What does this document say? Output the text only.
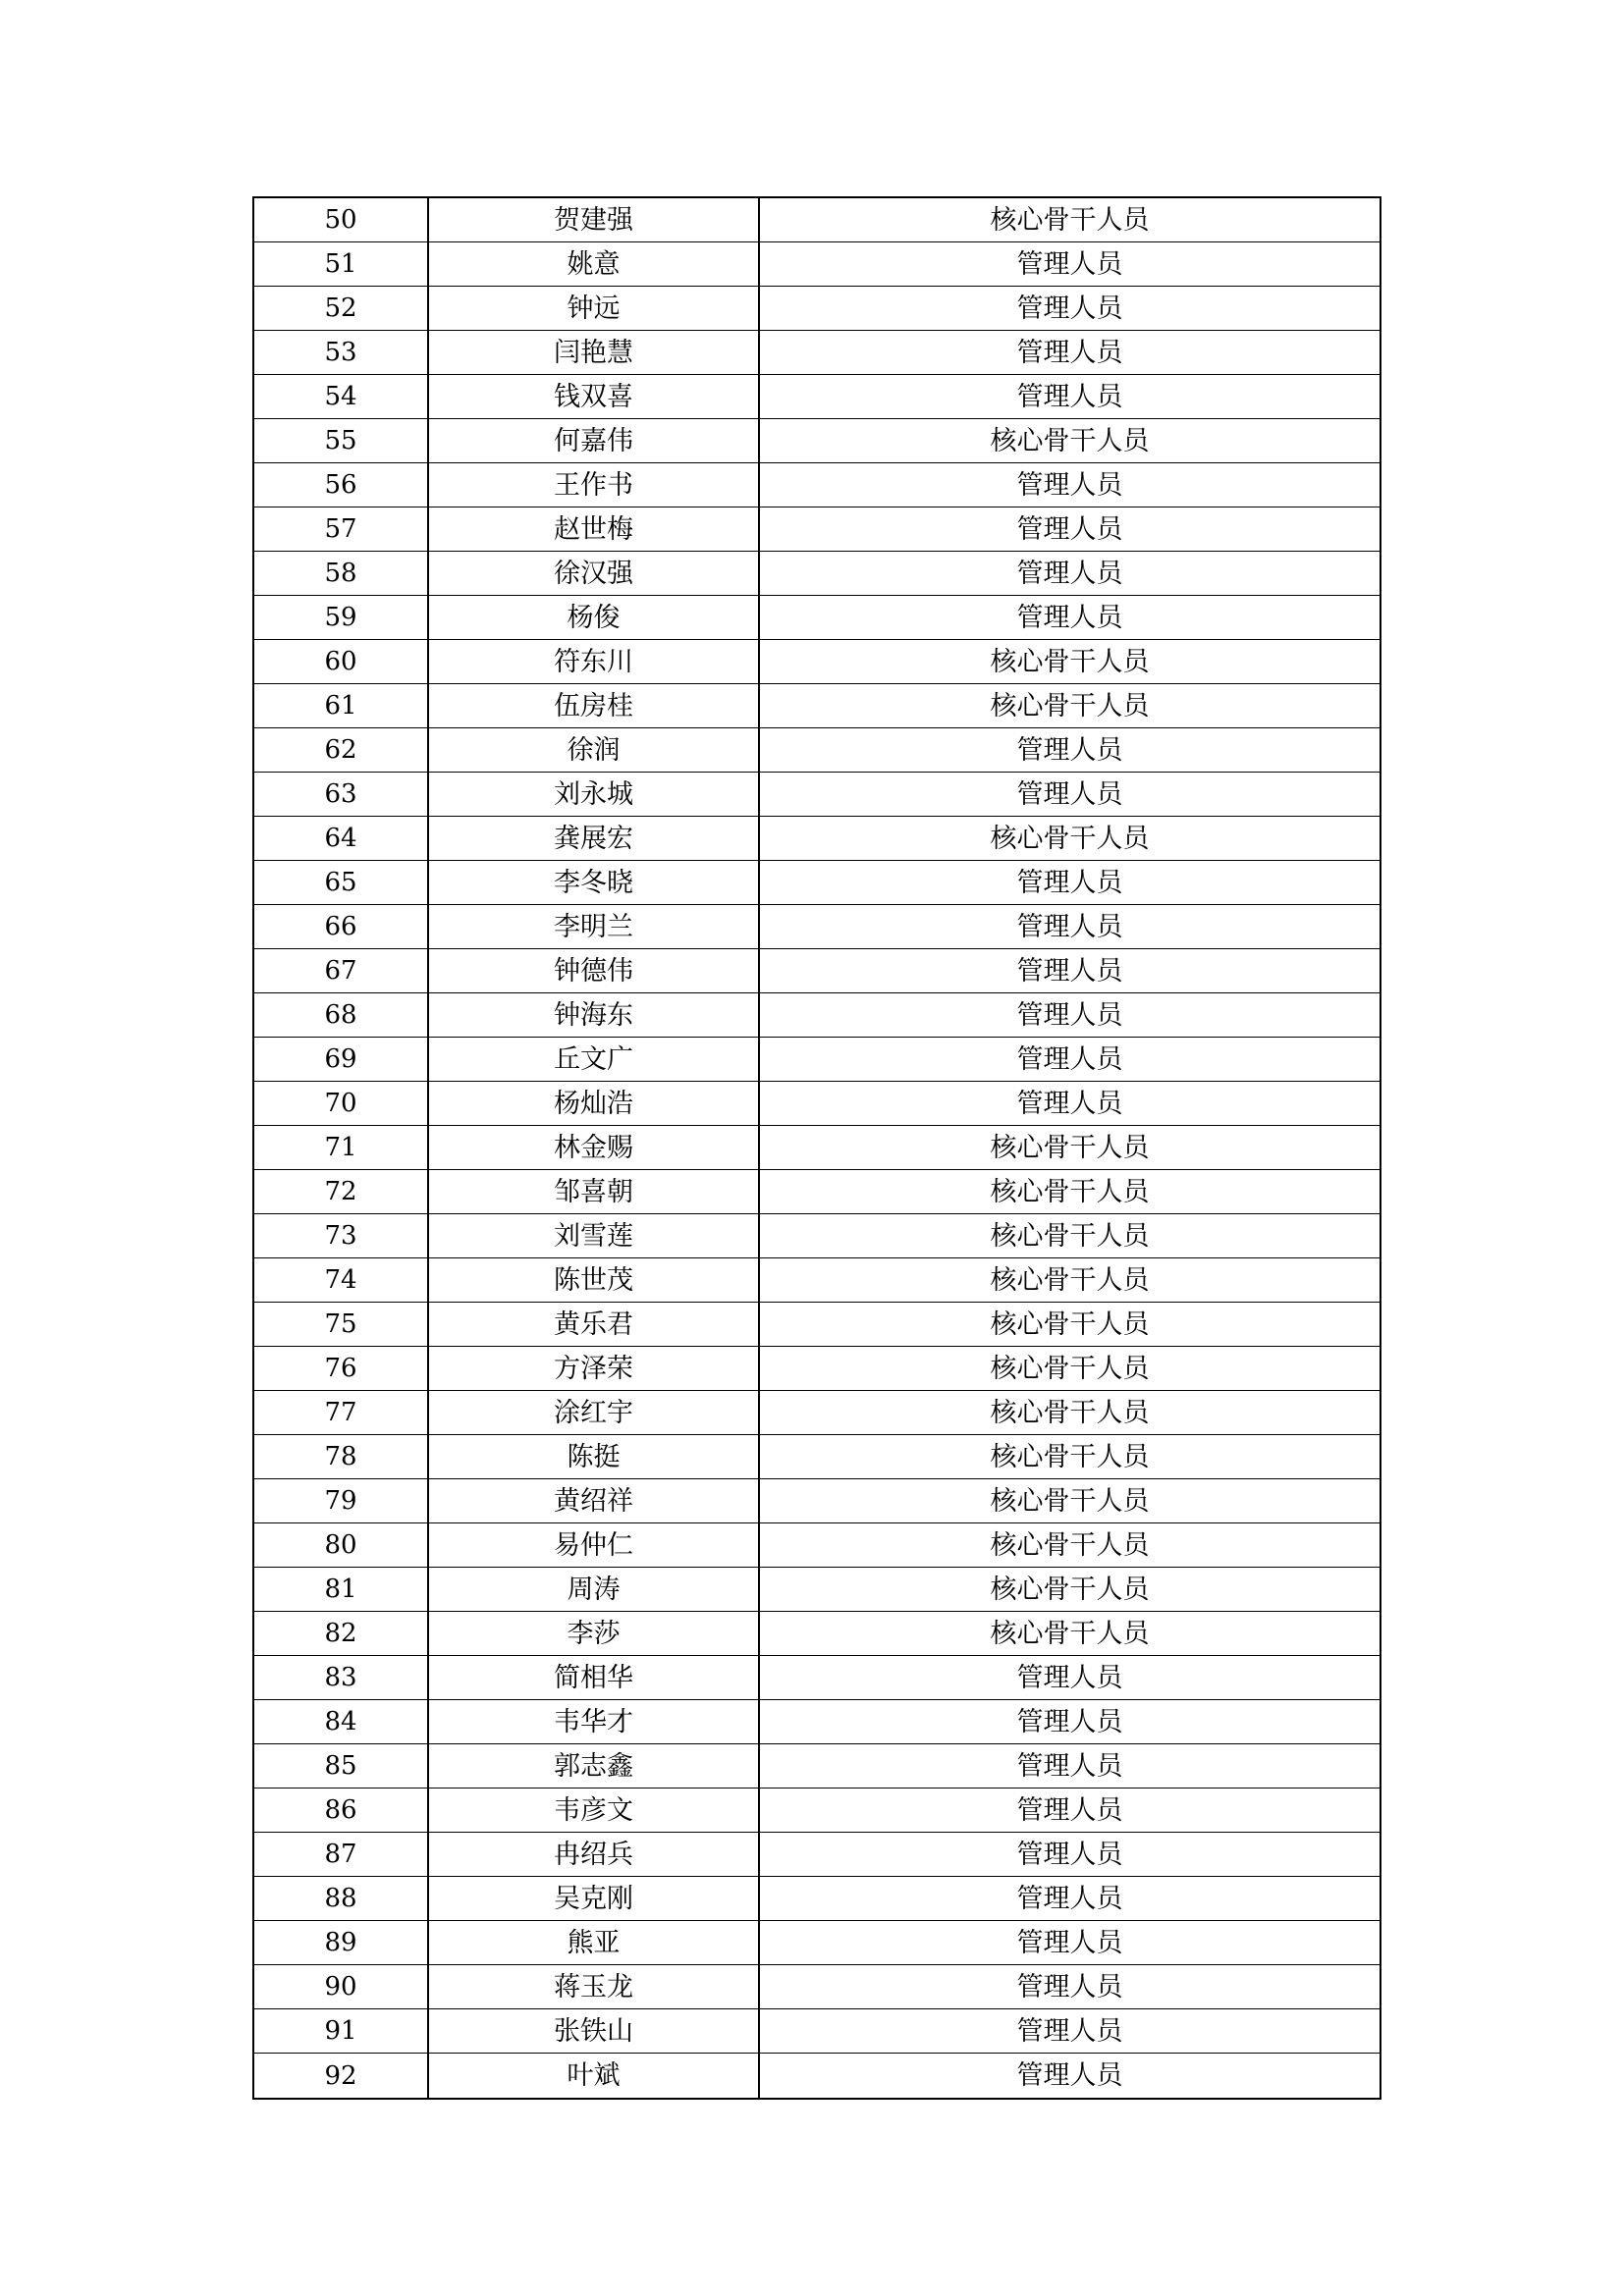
50	贺建强	核心骨干人员
51	姚意	管理人员
52	钟远	管理人员
53	闫艳慧	管理人员
54	钱双喜	管理人员
55	何嘉伟	核心骨干人员
56	王作书	管理人员
57	赵世梅	管理人员
58	徐汉强	管理人员
59	杨俊	管理人员
60	符东川	核心骨干人员
61	伍房桂	核心骨干人员
62	徐润	管理人员
63	刘永城	管理人员
64	龚展宏	核心骨干人员
65	李冬晓	管理人员
66	李明兰	管理人员
67	钟德伟	管理人员
68	钟海东	管理人员
69	丘文广	管理人员
70	杨灿浩	管理人员
71	林金赐	核心骨干人员
72	邹喜朝	核心骨干人员
73	刘雪莲	核心骨干人员
74	陈世茂	核心骨干人员
75	黄乐君	核心骨干人员
76	方泽荣	核心骨干人员
77	涂红宇	核心骨干人员
78	陈挺	核心骨干人员
79	黄绍祥	核心骨干人员
80	易仲仁	核心骨干人员
81	周涛	核心骨干人员
82	李莎	核心骨干人员
83	简相华	管理人员
84	韦华才	管理人员
85	郭志鑫	管理人员
86	韦彦文	管理人员
87	冉绍兵	管理人员
88	吴克刚	管理人员
89	熊亚	管理人员
90	蒋玉龙	管理人员
91	张铁山	管理人员
92	叶斌	管理人员
